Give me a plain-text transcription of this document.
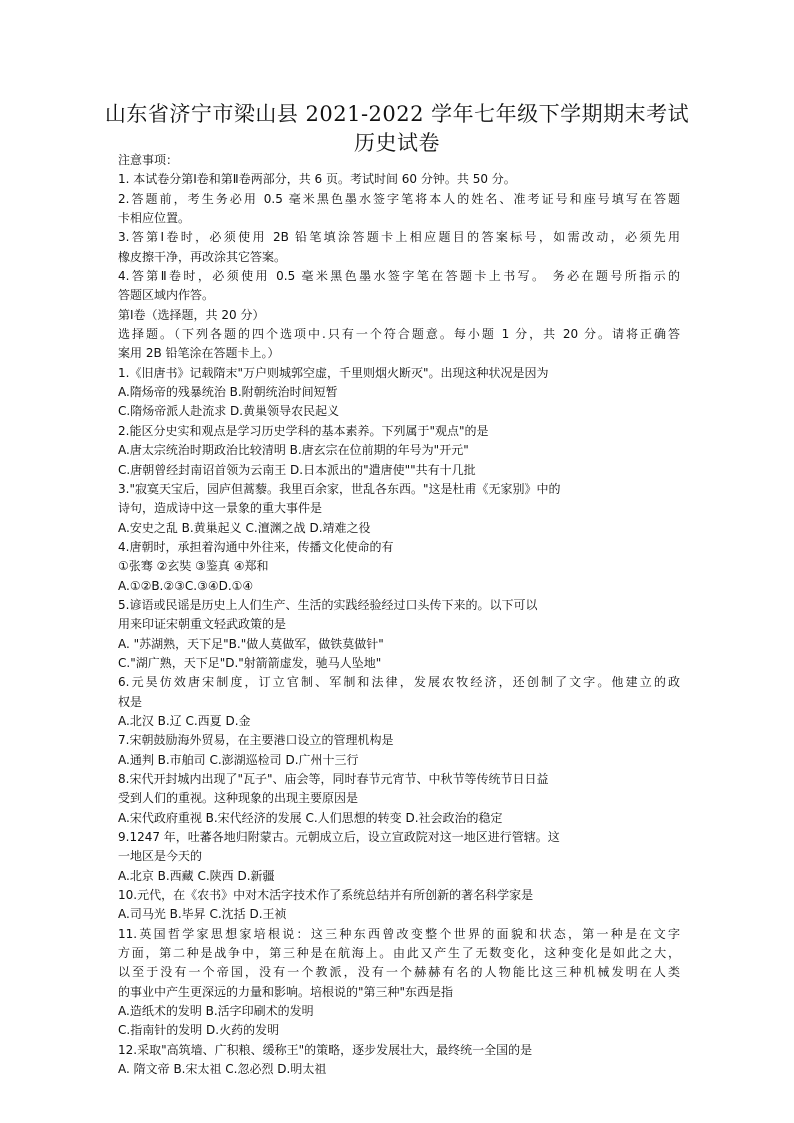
山东省济宁市梁山县 2021-2022 学年七年级下学期期末考试
历史试卷
注意事项：
1. 本试卷分第Ⅰ卷和第Ⅱ卷两部分，共 6 页。考试时间 60 分钟。共 50 分。
2.答题前，考生务必用 0.5 毫米黑色墨水签字笔将本人的姓名、准考证号和座号填写在答题
卡相应位置。
3.答第Ⅰ卷时，必须使用 2B 铅笔填涂答题卡上相应题目的答案标号，如需改动，必须先用
橡皮擦干净，再改涂其它答案。
4.答第Ⅱ卷时，必须使用 0.5 毫米黑色墨水签字笔在答题卡上书写。 务必在题号所指示的
答题区域内作答。
第Ⅰ卷（选择题，共 20 分）
选择题。（下列各题的四个选项中.只有一个符合题意。每小题 1 分，共 20 分。请将正确答
案用 2B 铅笔涂在答题卡上。）
1.《旧唐书》记载隋末"万户则城郭空虚，千里则烟火断灭"。出现这种状况是因为
A.隋炀帝的残暴统治 B.附朝统治时间短暂
C.隋炀帝派人赴流求 D.黄巢领导农民起义
2.能区分史实和观点是学习历史学科的基本素养。下列属于"观点"的是
A.唐太宗统治时期政治比较清明 B.唐玄宗在位前期的年号为"开元"
C.唐朝曾经封南诏首领为云南王 D.日本派出的"遣唐使""共有十几批
3."寂寞天宝后，园庐但蒿藜。我里百余家，世乱各东西。"这是杜甫《无家别》中的
诗句，造成诗中这一景象的重大事件是
A.安史之乱 B.黄巢起义 C.澶渊之战 D.靖难之役
4.唐朝时，承担着沟通中外往来，传播文化使命的有
①张骞 ②玄奘 ③鉴真 ④郑和
A.①②B.②③C.③④D.①④
5.谚语或民谣是历史上人们生产、生活的实践经验经过口头传下来的。以下可以
用来印证宋朝重文轻武政策的是
A. "苏湖熟，天下足"B."做人莫做军，做铁莫做针"
C."湖广熟，天下足"D."射箭箭虚发，驰马人坠地"
6.元昊仿效唐宋制度，订立官制、军制和法律，发展农牧经济，还创制了文字。他建立的政
权是
A.北汉 B.辽 C.西夏 D.金
7.宋朝鼓励海外贸易，在主要港口设立的管理机构是
A.通判 B.市舶司 C.澎湖巡检司 D.广州十三行
8.宋代开封城内出现了"瓦子"、庙会等，同时春节元宵节、中秋节等传统节日日益
受到人们的重视。这种现象的出现主要原因是
A.宋代政府重视 B.宋代经济的发展 C.人们思想的转变 D.社会政治的稳定
9.1247 年，吐蕃各地归附蒙古。元朝成立后，设立宣政院对这一地区进行管辖。这
一地区是今天的
A.北京 B.西藏 C.陕西 D.新疆
10.元代，在《农书》中对木活字技术作了系统总结并有所创新的著名科学家是
A.司马光 B.毕昇 C.沈括 D.王祯
11.英国哲学家思想家培根说：这三种东西曾改变整个世界的面貌和状态，第一种是在文字
方面，第二种是战争中，第三种是在航海上。由此又产生了无数变化，这种变化是如此之大，
以至于没有一个帝国，没有一个教派，没有一个赫赫有名的人物能比这三种机械发明在人类
的事业中产生更深远的力量和影响。培根说的"第三种"东西是指
A.造纸术的发明 B.活字印刷术的发明
C.指南针的发明 D.火药的发明
12.采取"高筑墙、广积粮、缓称王"的策略，逐步发展壮大，最终统一全国的是
A. 隋文帝 B.宋太祖 C.忽必烈 D.明太祖
